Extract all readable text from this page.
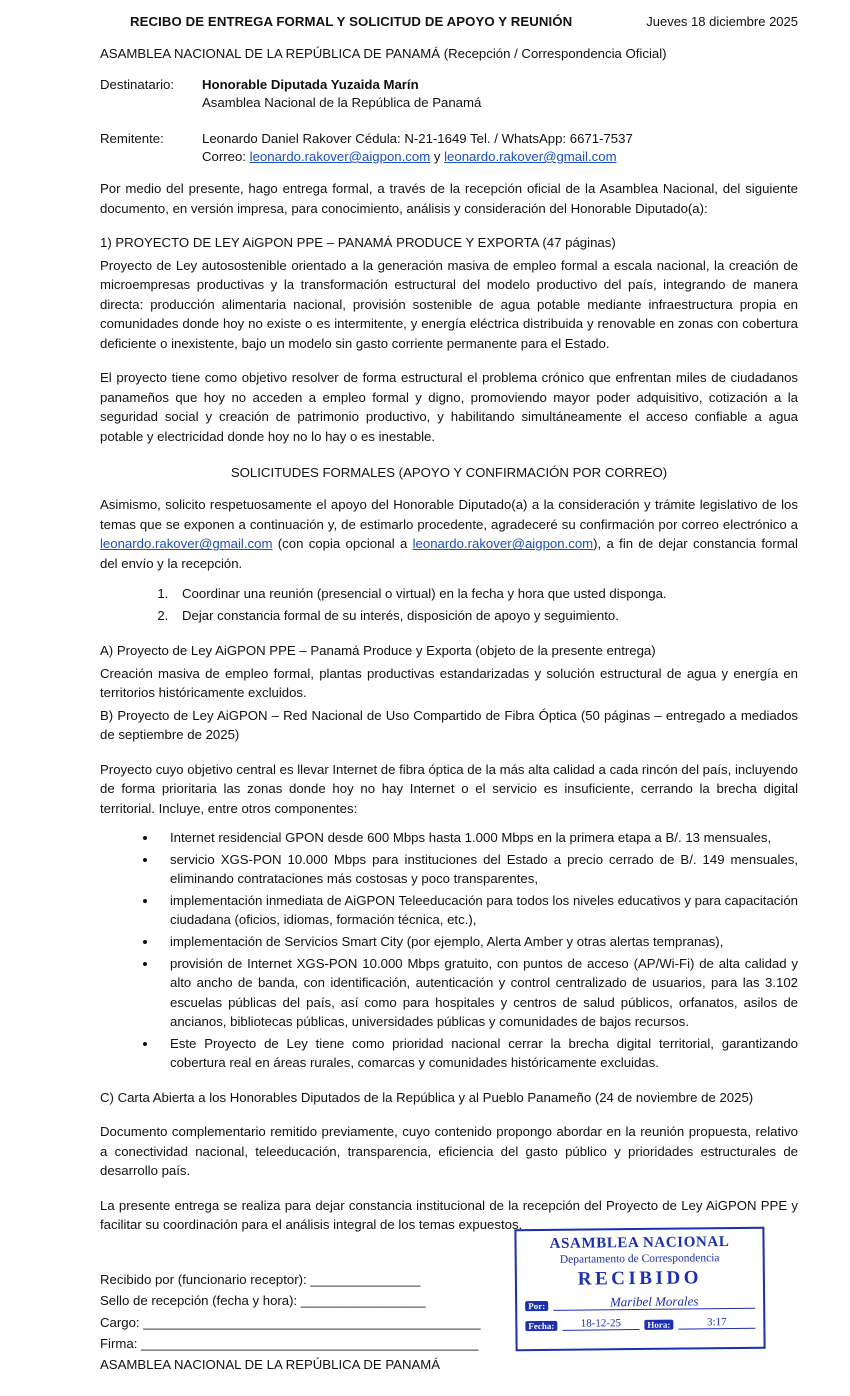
RECIBO DE ENTREGA FORMAL Y SOLICITUD DE APOYO Y REUNIÓN	Jueves 18 diciembre 2025
ASAMBLEA NACIONAL DE LA REPÚBLICA DE PANAMÁ (Recepción / Correspondencia Oficial)
Destinatario:	Honorable Diputada Yuzaida Marín
Asamblea Nacional de la República de Panamá
Remitente:	Leonardo Daniel Rakover Cédula: N-21-1649 Tel. / WhatsApp: 6671-7537
Correo: leonardo.rakover@aigpon.com y leonardo.rakover@gmail.com

Por medio del presente, hago entrega formal, a través de la recepción oficial de la Asamblea Nacional, del siguiente documento, en versión impresa, para conocimiento, análisis y consideración del Honorable Diputado(a):

1) PROYECTO DE LEY AiGPON PPE – PANAMÁ PRODUCE Y EXPORTA (47 páginas)

Proyecto de Ley autosostenible orientado a la generación masiva de empleo formal a escala nacional, la creación de microempresas productivas y la transformación estructural del modelo productivo del país, integrando de manera directa: producción alimentaria nacional, provisión sostenible de agua potable mediante infraestructura propia en comunidades donde hoy no existe o es intermitente, y energía eléctrica distribuida y renovable en zonas con cobertura deficiente o inexistente, bajo un modelo sin gasto corriente permanente para el Estado.

El proyecto tiene como objetivo resolver de forma estructural el problema crónico que enfrentan miles de ciudadanos panameños que hoy no acceden a empleo formal y digno, promoviendo mayor poder adquisitivo, cotización a la seguridad social y creación de patrimonio productivo, y habilitando simultáneamente el acceso confiable a agua potable y electricidad donde hoy no lo hay o es inestable.

SOLICITUDES FORMALES (APOYO Y CONFIRMACIÓN POR CORREO)

Asimismo, solicito respetuosamente el apoyo del Honorable Diputado(a) a la consideración y trámite legislativo de los temas que se exponen a continuación y, de estimarlo procedente, agradeceré su confirmación por correo electrónico a leonardo.rakover@gmail.com (con copia opcional a leonardo.rakover@aigpon.com), a fin de dejar constancia formal del envío y la recepción.

1. Coordinar una reunión (presencial o virtual) en la fecha y hora que usted disponga.
2. Dejar constancia formal de su interés, disposición de apoyo y seguimiento.

A) Proyecto de Ley AiGPON PPE – Panamá Produce y Exporta (objeto de la presente entrega)

Creación masiva de empleo formal, plantas productivas estandarizadas y solución estructural de agua y energía en territorios históricamente excluidos.

B) Proyecto de Ley AiGPON – Red Nacional de Uso Compartido de Fibra Óptica (50 páginas – entregado a mediados de septiembre de 2025)

Proyecto cuyo objetivo central es llevar Internet de fibra óptica de la más alta calidad a cada rincón del país, incluyendo de forma prioritaria las zonas donde hoy no hay Internet o el servicio es insuficiente, cerrando la brecha digital territorial. Incluye, entre otros componentes:

• Internet residencial GPON desde 600 Mbps hasta 1.000 Mbps en la primera etapa a B/. 13 mensuales,
• servicio XGS-PON 10.000 Mbps para instituciones del Estado a precio cerrado de B/. 149 mensuales, eliminando contrataciones más costosas y poco transparentes,
• implementación inmediata de AiGPON Teleeducación para todos los niveles educativos y para capacitación ciudadana (oficios, idiomas, formación técnica, etc.),
• implementación de Servicios Smart City (por ejemplo, Alerta Amber y otras alertas tempranas),
• provisión de Internet XGS-PON 10.000 Mbps gratuito, con puntos de acceso (AP/Wi-Fi) de alta calidad y alto ancho de banda, con identificación, autenticación y control centralizado de usuarios, para las 3.102 escuelas públicas del país, así como para hospitales y centros de salud públicos, orfanatos, asilos de ancianos, bibliotecas públicas, universidades públicas y comunidades de bajos recursos.
• Este Proyecto de Ley tiene como prioridad nacional cerrar la brecha digital territorial, garantizando cobertura real en áreas rurales, comarcas y comunidades históricamente excluidas.

C) Carta Abierta a los Honorables Diputados de la República y al Pueblo Panameño (24 de noviembre de 2025)

Documento complementario remitido previamente, cuyo contenido propongo abordar en la reunión propuesta, relativo a conectividad nacional, teleeducación, transparencia, eficiencia del gasto público y prioridades estructurales de desarrollo país.

La presente entrega se realiza para dejar constancia institucional de la recepción del Proyecto de Ley AiGPON PPE y facilitar su coordinación para el análisis integral de los temas expuestos.

Recibido por (funcionario receptor): _______________
Sello de recepción (fecha y hora): _________________
Cargo: ______________________________________________
Firma: ______________________________________________
ASAMBLEA NACIONAL DE LA REPÚBLICA DE PANAMÁ
ASAMBLEA NACIONAL
Departamento de Correspondencia
RECIBIDO
Por:	Maribel Morales
Fecha:	18-12-25	Hora:	3:17
